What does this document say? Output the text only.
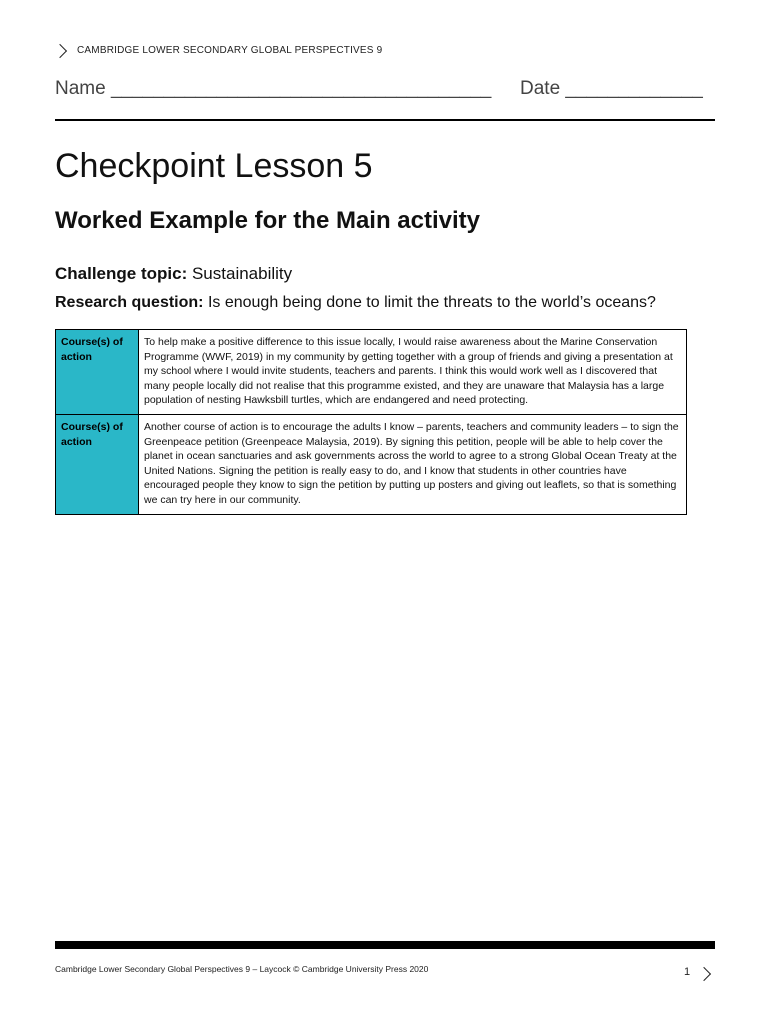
CAMBRIDGE LOWER SECONDARY GLOBAL PERSPECTIVES 9
Name ____________________________________ Date _____________
Checkpoint Lesson 5
Worked Example for the Main activity
Challenge topic: Sustainability
Research question: Is enough being done to limit the threats to the world’s oceans?
Course(s) of action	To help make a positive difference to this issue locally, I would raise awareness about the Marine Conservation Programme (WWF, 2019) in my community by getting together with a group of friends and giving a presentation at my school where I would invite students, teachers and parents. I think this would work well as I discovered that many people locally did not realise that this programme existed, and they are unaware that Malaysia has a large population of nesting Hawksbill turtles, which are endangered and need protecting.
Course(s) of action	Another course of action is to encourage the adults I know – parents, teachers and community leaders – to sign the Greenpeace petition (Greenpeace Malaysia, 2019). By signing this petition, people will be able to help cover the planet in ocean sanctuaries and ask governments across the world to agree to a strong Global Ocean Treaty at the United Nations. Signing the petition is really easy to do, and I know that students in other countries have encouraged people they know to sign the petition by putting up posters and giving out leaflets, so that is something we can try here in our community.
Cambridge Lower Secondary Global Perspectives 9 – Laycock © Cambridge University Press 2020	1
